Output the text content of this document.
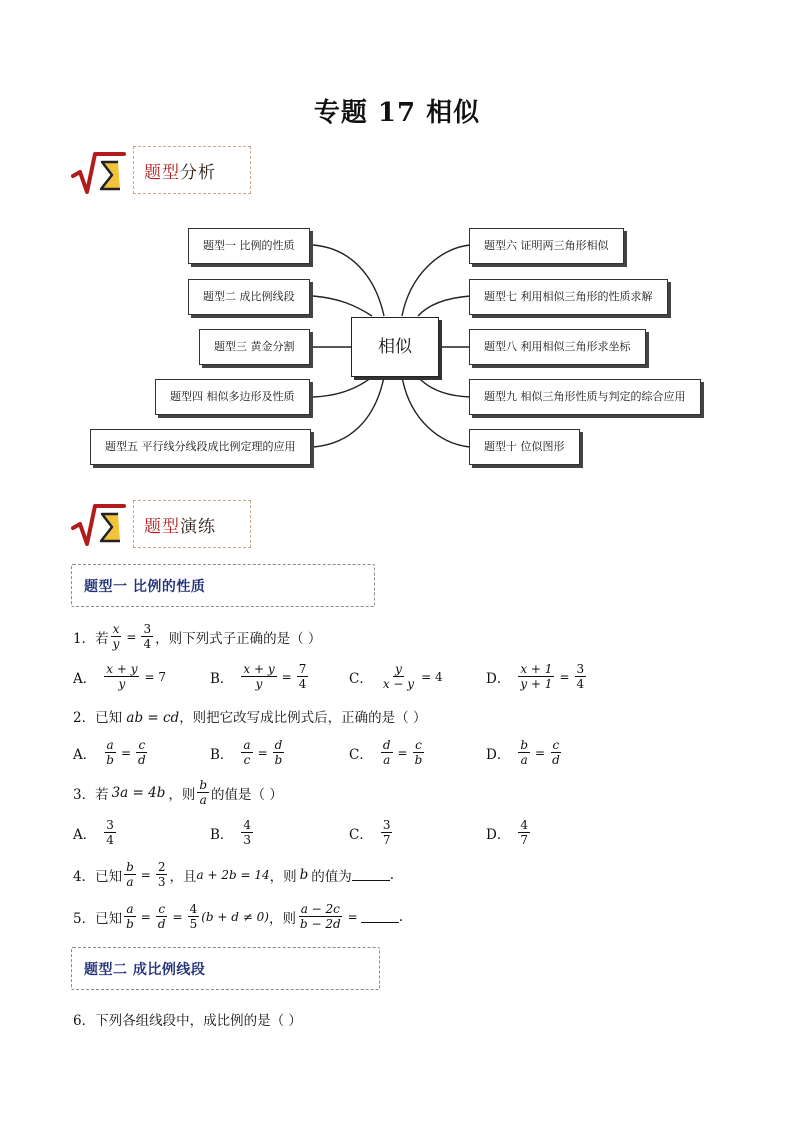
专题 17 相似
题型分析
相似
题型一 比例的性质
题型二 成比例线段
题型三 黄金分割
题型四 相似多边形及性质
题型五 平行线分线段成比例定理的应用
题型六 证明两三角形相似
题型七 利用相似三角形的性质求解
题型八 利用相似三角形求坐标
题型九 相似三角形性质与判定的综合应用
题型十 位似图形
题型演练
题型一 比例的性质
1． 若 $\frac{x}{y} = \frac{3}{4}$ ，则下列式子正确的是（ ）
A． $\frac{x + y}{y} = 7$	B． $\frac{x + y}{y} = \frac{7}{4}$	C． $\frac{y}{x - y} = 4$	D． $\frac{x + 1}{y + 1} = \frac{3}{4}$
2．已知 ab = cd，则把它改写成比例式后，正确的是（ ）
A． $\frac{a}{b} = \frac{c}{d}$	B． $\frac{a}{c} = \frac{d}{b}$	C． $\frac{d}{a} = \frac{c}{b}$	D． $\frac{b}{a} = \frac{c}{d}$
3． 若 3a = 4b ，则 $\frac{b}{a}$ 的值是（ ）
A． $\frac{3}{4}$	B． $\frac{4}{3}$	C． $\frac{3}{7}$	D． $\frac{4}{7}$
4． 已知 $\frac{b}{a} = \frac{2}{3}$ ，且 a + 2b = 14 ，则 b 的值为	.
5． 已知 $\frac{a}{b} = \frac{c}{d} = \frac{4}{5} (b + d \ne 0)$ ，则 $\frac{a - 2c}{b - 2d}$ =	.
题型二 成比例线段
6．下列各组线段中，成比例的是（ ）
